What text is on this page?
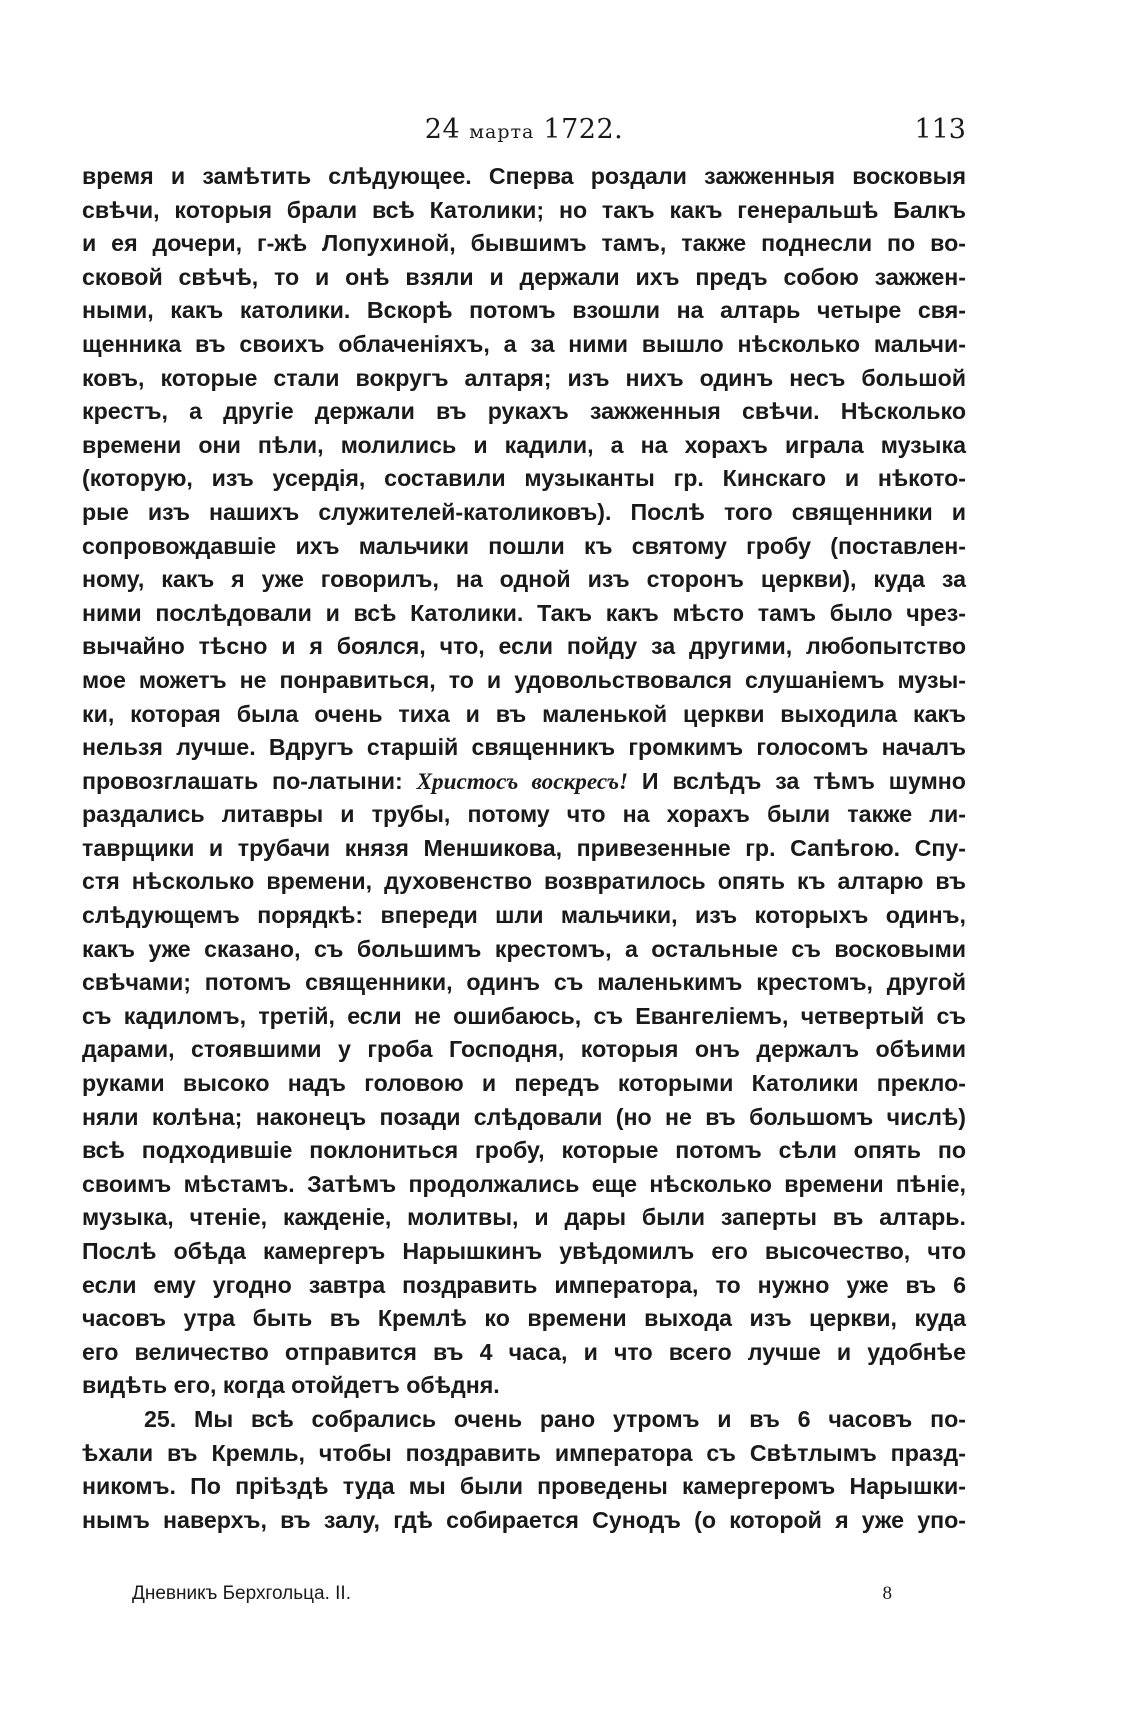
24 марта 1722.	113
время и замѣтить слѣдующее. Сперва роздали зажженныя восковыя
свѣчи, которыя брали всѣ Католики; но такъ какъ генеральшѣ Балкъ
и ея дочери, г-жѣ Лопухиной, бывшимъ тамъ, также поднесли по во-
сковой свѣчѣ, то и онѣ взяли и держали ихъ предъ собою зажжен-
ными, какъ католики. Вскорѣ потомъ взошли на алтарь четыре свя-
щенника въ своихъ облаченіяхъ, а за ними вышло нѣсколько мальчи-
ковъ, которые стали вокругъ алтаря; изъ нихъ одинъ несъ большой
крестъ, а другіе держали въ рукахъ зажженныя свѣчи. Нѣсколько
времени они пѣли, молились и кадили, а на хорахъ играла музыка
(которую, изъ усердія, составили музыканты гр. Кинскаго и нѣкото-
рые изъ нашихъ служителей-католиковъ). Послѣ того священники и
сопровождавшіе ихъ мальчики пошли къ святому гробу (поставлен-
ному, какъ я уже говорилъ, на одной изъ сторонъ церкви), куда за
ними послѣдовали и всѣ Католики. Такъ какъ мѣсто тамъ было чрез-
вычайно тѣсно и я боялся, что, если пойду за другими, любопытство
мое можетъ не понравиться, то и удовольствовался слушаніемъ музы-
ки, которая была очень тиха и въ маленькой церкви выходила какъ
нельзя лучше. Вдругъ старшій священникъ громкимъ голосомъ началъ
провозглашать по-латыни: Христосъ воскресъ! И вслѣдъ за тѣмъ шумно
раздались литавры и трубы, потому что на хорахъ были также ли-
таврщики и трубачи князя Меншикова, привезенные гр. Сапѣгою. Спу-
стя нѣсколько времени, духовенство возвратилось опять къ алтарю въ
слѣдующемъ порядкѣ: впереди шли мальчики, изъ которыхъ одинъ,
какъ уже сказано, съ большимъ крестомъ, а остальные съ восковыми
свѣчами; потомъ священники, одинъ съ маленькимъ крестомъ, другой
съ кадиломъ, третій, если не ошибаюсь, съ Евангеліемъ, четвертый съ
дарами, стоявшими у гроба Господня, которыя онъ держалъ обѣими
руками высоко надъ головою и передъ которыми Католики прекло-
няли колѣна; наконецъ позади слѣдовали (но не въ большомъ числѣ)
всѣ подходившіе поклониться гробу, которые потомъ сѣли опять по
своимъ мѣстамъ. Затѣмъ продолжались еще нѣсколько времени пѣніе,
музыка, чтеніе, кажденіе, молитвы, и дары были заперты въ алтарь.
Послѣ обѣда камергеръ Нарышкинъ увѣдомилъ его высочество, что
если ему угодно завтра поздравить императора, то нужно уже въ 6
часовъ утра быть въ Кремлѣ ко времени выхода изъ церкви, куда
его величество отправится въ 4 часа, и что всего лучше и удобнѣе
видѣть его, когда отойдетъ обѣдня.
25. Мы всѣ собрались очень рано утромъ и въ 6 часовъ по-
ѣхали въ Кремль, чтобы поздравить императора съ Свѣтлымъ празд-
никомъ. По пріѣздѣ туда мы были проведены камергеромъ Нарышки-
нымъ наверхъ, въ залу, гдѣ собирается Сунодъ (о которой я уже упо-
Дневникъ Берхгольца. II.	8
